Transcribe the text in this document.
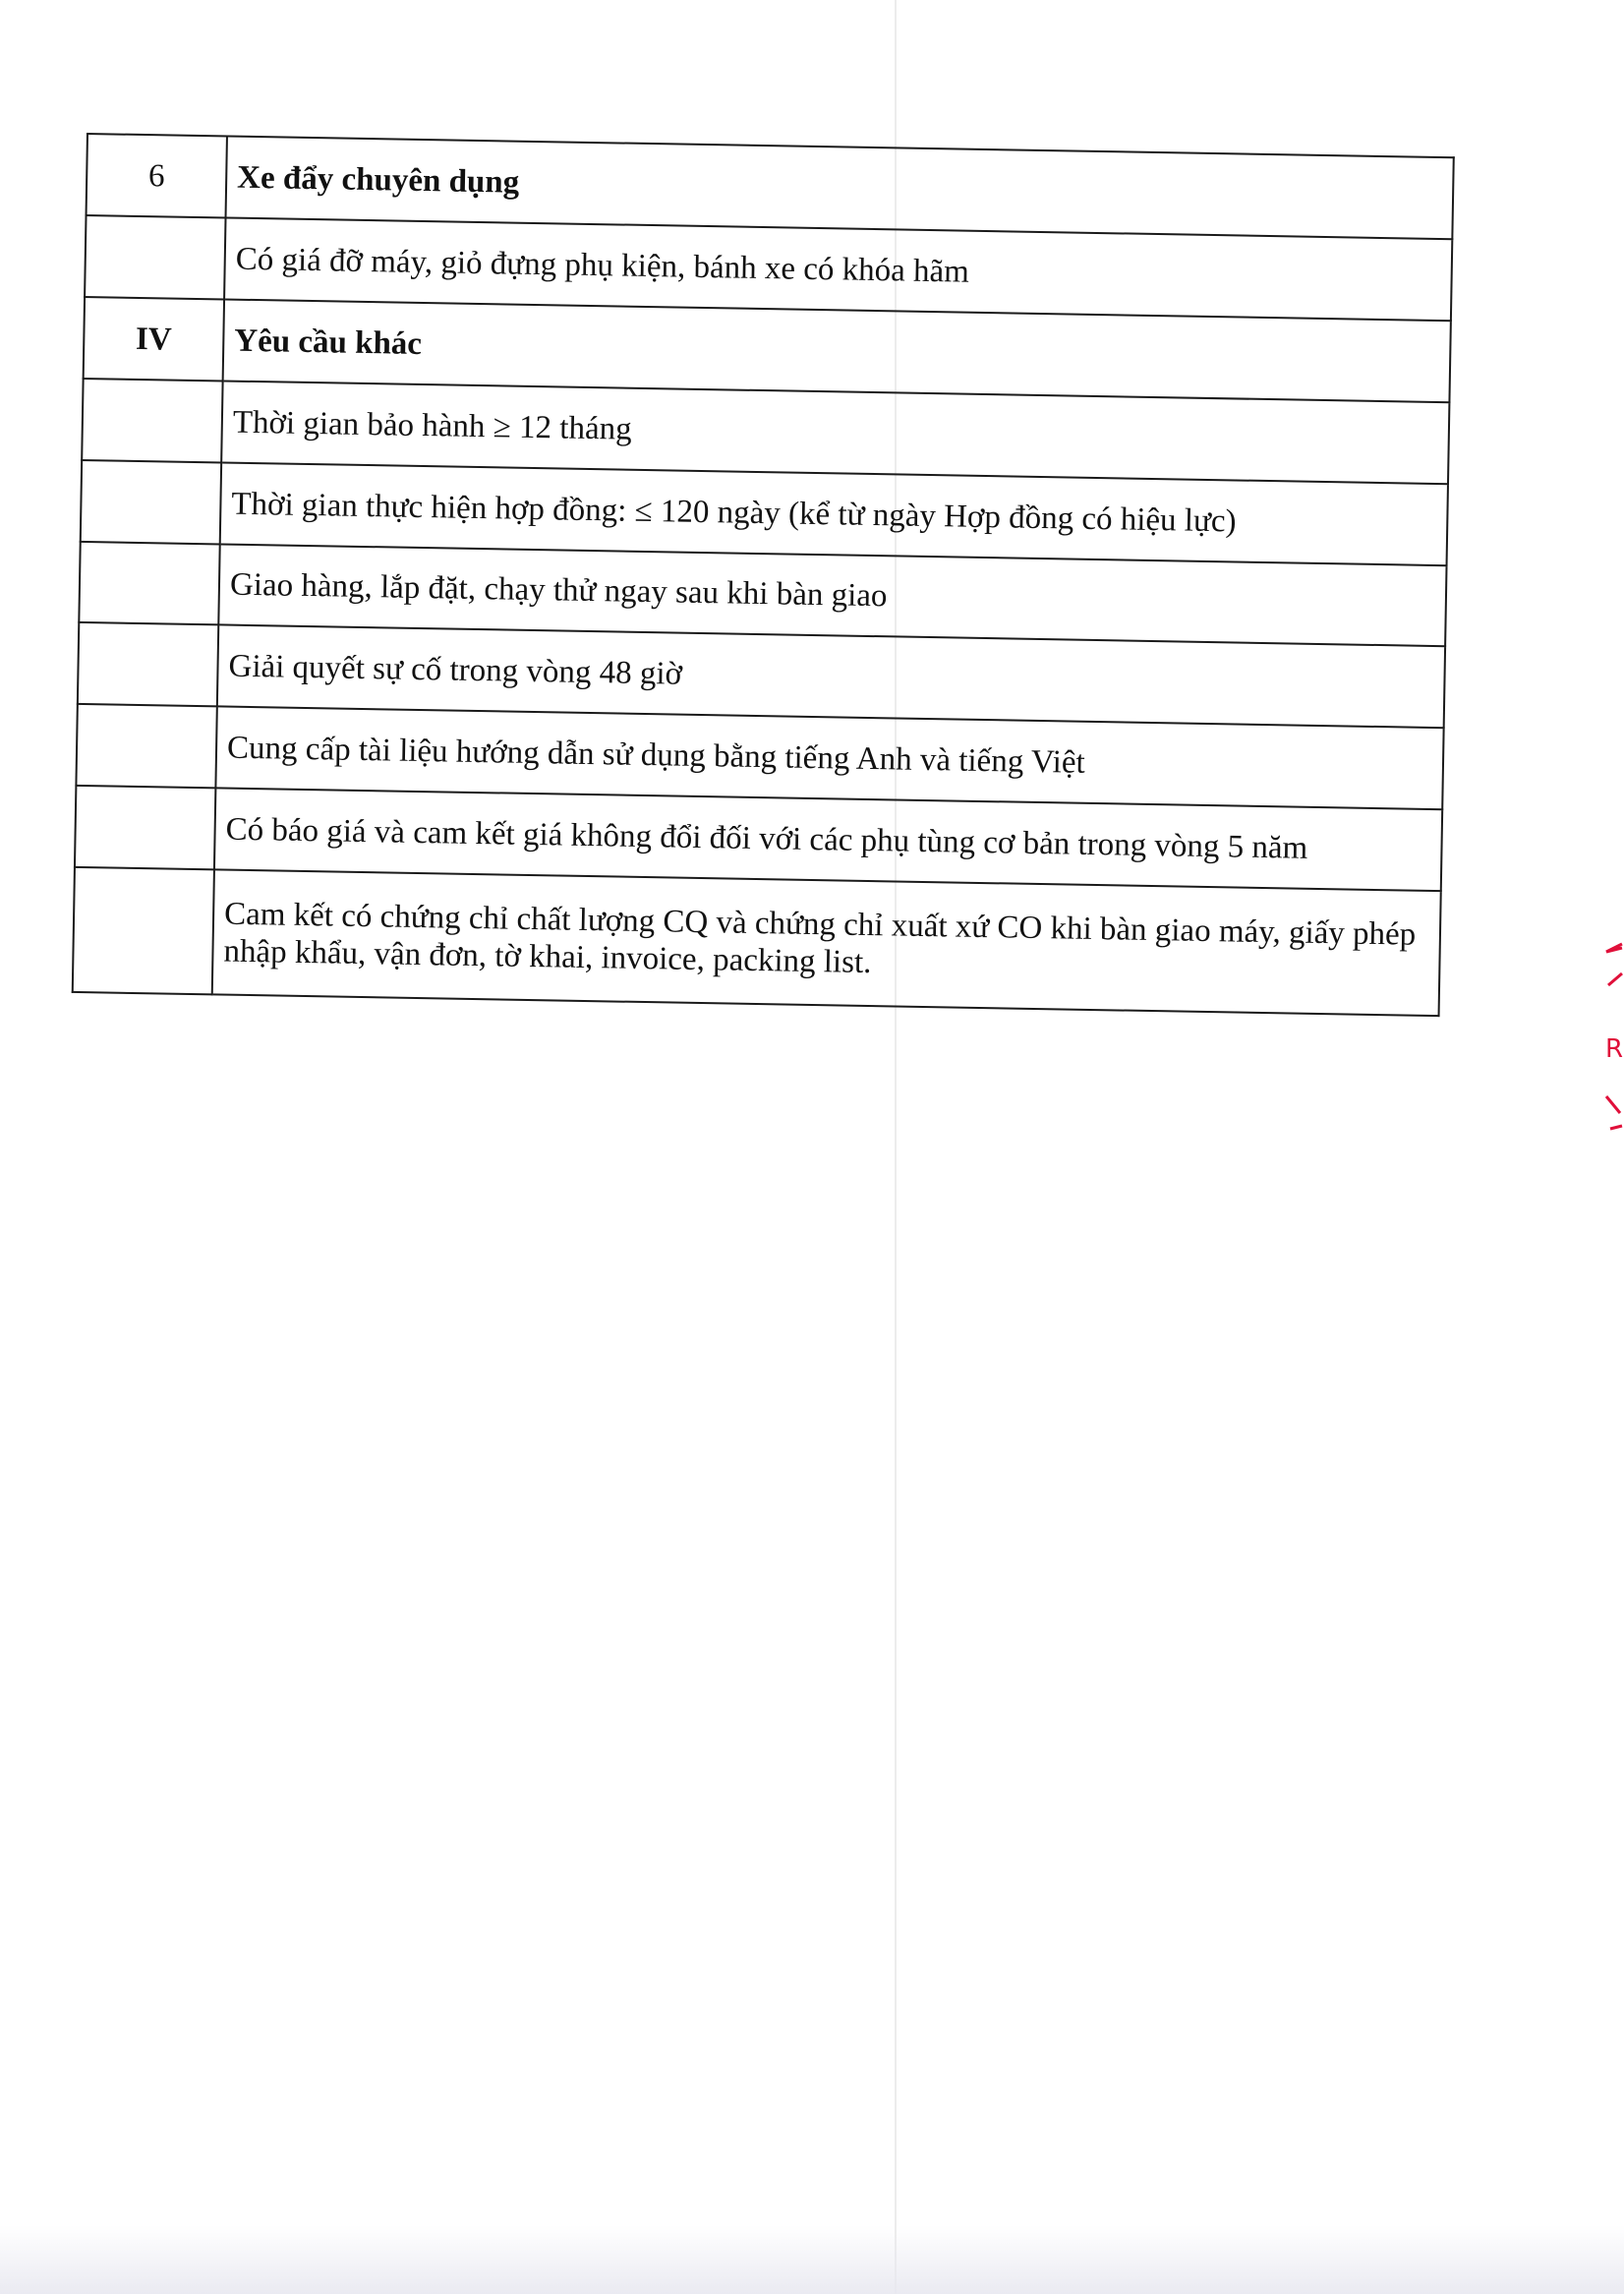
6	Xe đẩy chuyên dụng
	Có giá đỡ máy, giỏ đựng phụ kiện, bánh xe có khóa hãm
IV	Yêu cầu khác
	Thời gian bảo hành ≥ 12 tháng
	Thời gian thực hiện hợp đồng: ≤ 120 ngày (kể từ ngày Hợp đồng có hiệu lực)
	Giao hàng, lắp đặt, chạy thử ngay sau khi bàn giao
	Giải quyết sự cố trong vòng 48 giờ
	Cung cấp tài liệu hướng dẫn sử dụng bằng tiếng Anh và tiếng Việt
	Có báo giá và cam kết giá không đổi đối với các phụ tùng cơ bản trong vòng 5 năm
	Cam kết có chứng chỉ chất lượng CQ và chứng chỉ xuất xứ CO khi bàn giao máy, giấy phép nhập khẩu, vận đơn, tờ khai, invoice, packing list.
R
